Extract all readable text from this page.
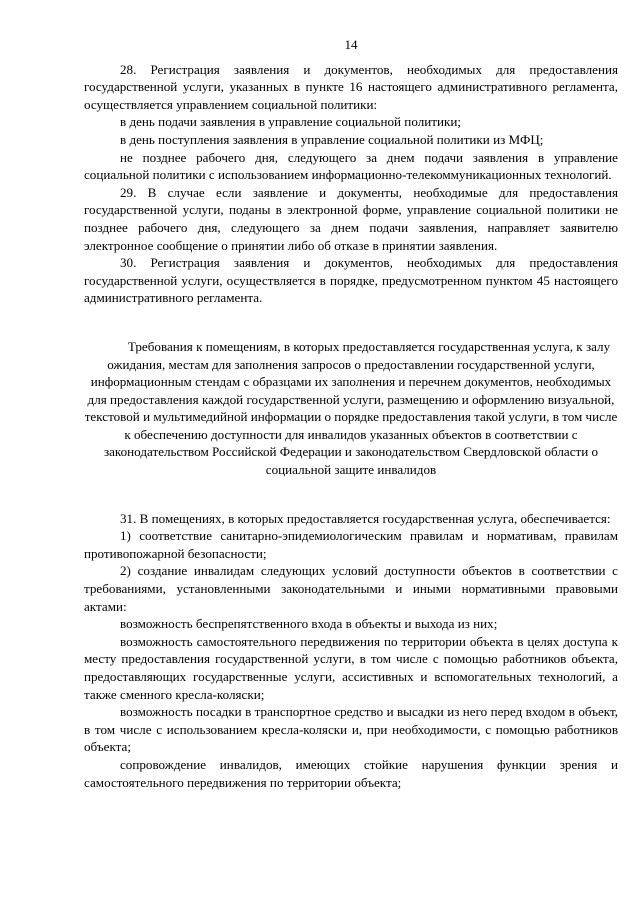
14

28. Регистрация заявления и документов, необходимых для предоставления государственной услуги, указанных в пункте 16 настоящего административного регламента, осуществляется управлением социальной политики:

в день подачи заявления в управление социальной политики;

в день поступления заявления в управление социальной политики из МФЦ;

не позднее рабочего дня, следующего за днем подачи заявления в управление социальной политики с использованием информационно-телекоммуникационных технологий.

29. В случае если заявление и документы, необходимые для предоставления государственной услуги, поданы в электронной форме, управление социальной политики не позднее рабочего дня, следующего за днем подачи заявления, направляет заявителю электронное сообщение о принятии либо об отказе в принятии заявления.

30. Регистрация заявления и документов, необходимых для предоставления государственной услуги, осуществляется в порядке, предусмотренном пунктом 45 настоящего административного регламента.

Требования к помещениям, в которых предоставляется государственная услуга, к залу ожидания, местам для заполнения запросов о предоставлении государственной услуги, информационным стендам с образцами их заполнения и перечнем документов, необходимых для предоставления каждой государственной услуги, размещению и оформлению визуальной, текстовой и мультимедийной информации о порядке предоставления такой услуги, в том числе к обеспечению доступности для инвалидов указанных объектов в соответствии с законодательством Российской Федерации и законодательством Свердловской области о социальной защите инвалидов

31. В помещениях, в которых предоставляется государственная услуга, обеспечивается:

1) соответствие санитарно-эпидемиологическим правилам и нормативам, правилам противопожарной безопасности;

2) создание инвалидам следующих условий доступности объектов в соответствии с требованиями, установленными законодательными и иными нормативными правовыми актами:

возможность беспрепятственного входа в объекты и выхода из них;

возможность самостоятельного передвижения по территории объекта в целях доступа к месту предоставления государственной услуги, в том числе с помощью работников объекта, предоставляющих государственные услуги, ассистивных и вспомогательных технологий, а также сменного кресла-коляски;

возможность посадки в транспортное средство и высадки из него перед входом в объект, в том числе с использованием кресла-коляски и, при необходимости, с помощью работников объекта;

сопровождение инвалидов, имеющих стойкие нарушения функции зрения и самостоятельного передвижения по территории объекта;
